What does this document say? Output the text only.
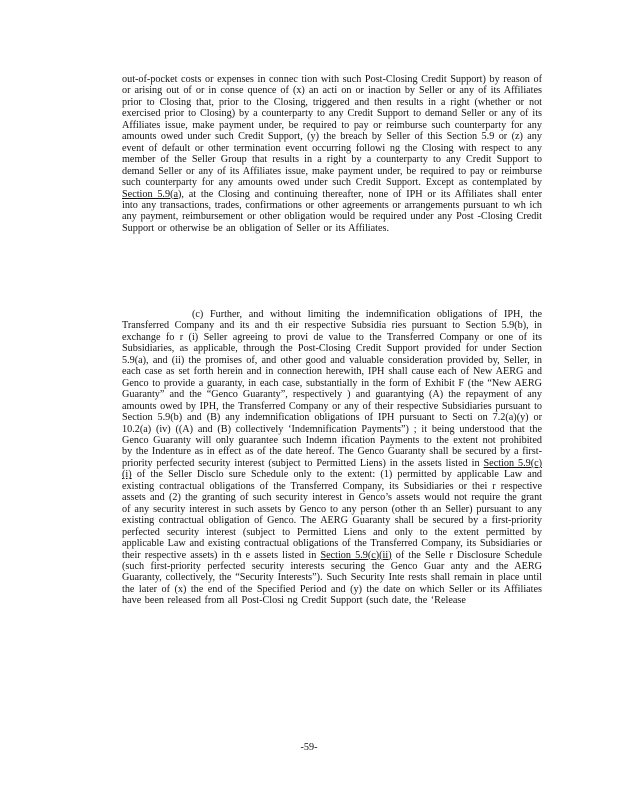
out-of-pocket costs or expenses in connec tion with such Post-Closing Credit Support) by reason of or arising out of or in conse quence of (x) an acti on or inaction by Seller or any of its Affiliates prior to Closing that, prior to the Closing, triggered and then results in a right (whether or not exercised prior to Closing) by a counterparty to any Credit Support to demand Seller or any of its Affiliates issue, make payment under, be required to pay or reimburse such counterparty for any amounts owed under such Credit Support, (y) the breach by Seller of this Section 5.9 or (z) any event of default or other termination event occurring followi ng the Closing with respect to any member of the Seller Group that results in a right by a counterparty to any Credit Support to demand Seller or any of its Affiliates issue, make payment under, be required to pay or reimburse such counterparty for any amounts owed under such Credit Support. Except as contemplated by Section 5.9(a), at the Closing and continuing thereafter, none of IPH or its Affiliates shall enter into any transactions, trades, confirmations or other agreements or arrangements pursuant to wh ich any payment, reimbursement or other obligation would be required under any Post -Closing Credit Support or otherwise be an obligation of Seller or its Affiliates.
(c) Further, and without limiting the indemnification obligations of IPH, the Transferred Company and its and th eir respective Subsidia ries pursuant to Section 5.9(b), in exchange fo r (i) Seller agreeing to provi de value to the Transferred Company or one of its Subsidiaries, as applicable, through the Post-Closing Credit Support provided for under Section 5.9(a), and (ii) the promises of, and other good and valuable consideration provided by, Seller, in each case as set forth herein and in connection herewith, IPH shall cause each of New AERG and Genco to provide a guaranty, in each case, substantially in the form of Exhibit F (the “New AERG Guaranty” and the “Genco Guaranty”, respectively ) and guarantying (A) the repayment of any amounts owed by IPH, the Transferred Company or any of their respective Subsidiaries pursuant to Section 5.9(b) and (B) any indemnification obligations of IPH pursuant to Secti on 7.2(a)(y) or 10.2(a) (iv) ((A) and (B) collectively ‘Indemnification Payments”) ; it being understood that the Genco Guaranty will only guarantee such Indemn ification Payments to the extent not prohibited by the Indenture as in effect as of the date hereof. The Genco Guaranty shall be secured by a first-priority perfected security interest (subject to Permitted Liens) in the assets listed in Section 5.9(c) (i) of the Seller Disclo sure Schedule only to the extent: (1) permitted by applicable Law and existing contractual obligations of the Transferred Company, its Subsidiaries or thei r respective assets and (2) the granting of such security interest in Genco’s assets would not require the grant of any security interest in such assets by Genco to any person (other th an Seller) pursuant to any existing contractual obligation of Genco. The AERG Guaranty shall be secured by a first-priority perfected security interest (subject to Permitted Liens and only to the extent permitted by applicable Law and existing contractual obligations of the Transferred Company, its Subsidiaries or their respective assets) in th e assets listed in Section 5.9(c)(ii) of the Selle r Disclosure Schedule (such first-priority perfected security interests securing the Genco Guar anty and the AERG Guaranty, collectively, the “Security Interests”). Such Security Inte rests shall remain in place until the later of (x) the end of the Specified Period and (y) the date on which Seller or its Affiliates have been released from all Post-Closi ng Credit Support (such date, the ‘Release
-59-
